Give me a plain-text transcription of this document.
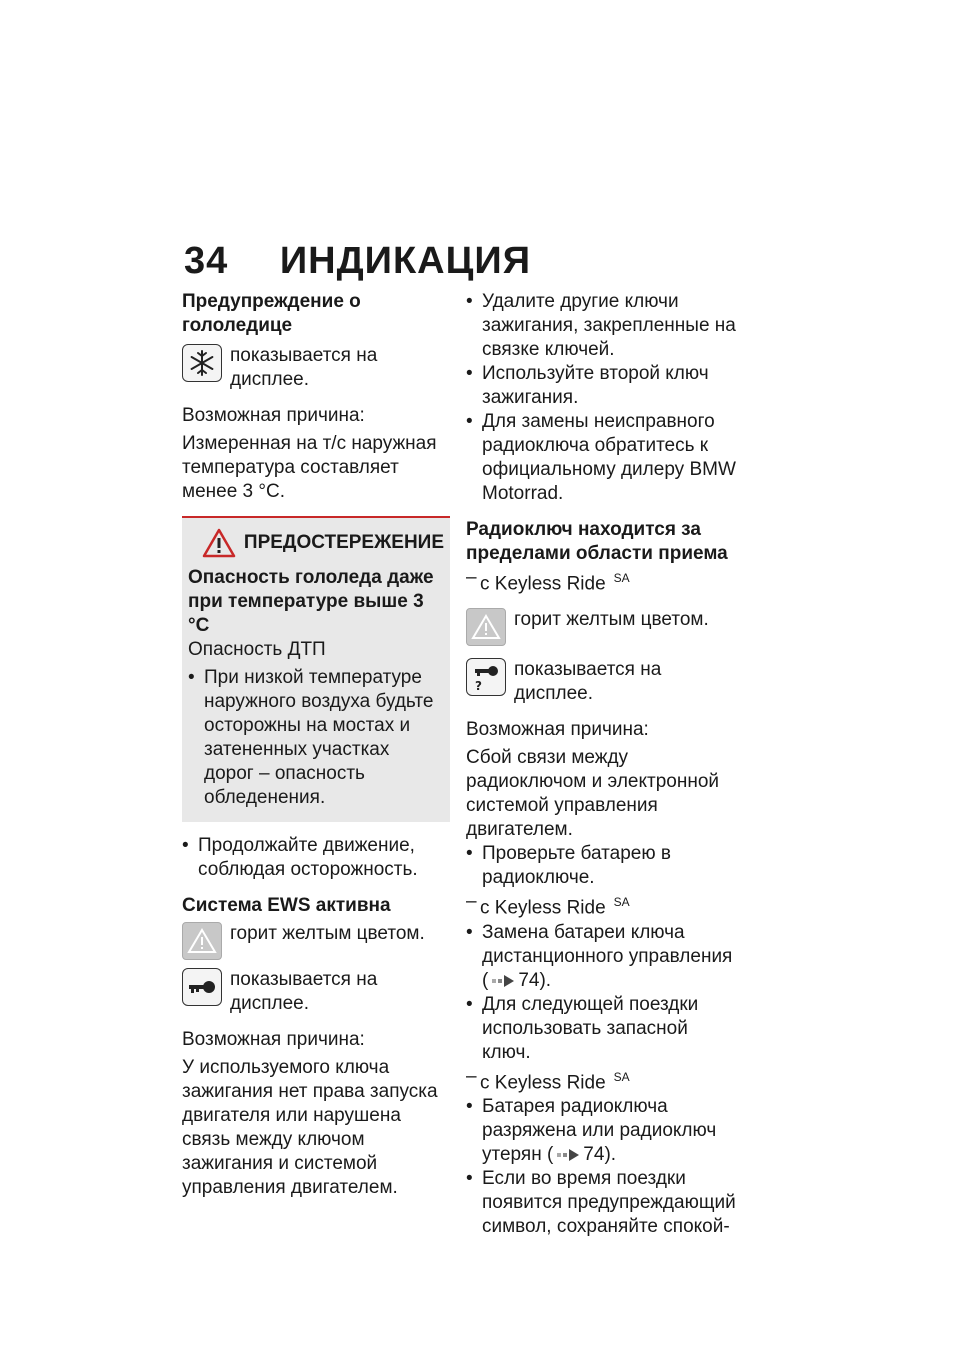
34 ИНДИКАЦИЯ
Предупреждение о гололедице

показывается на дисплее.

Возможная причина:

Измеренная на т/с наружная температура составляет менее 3 °C.

ПРЕДОСТЕРЕЖЕНИЕ
Опасность гололеда даже при температуре выше 3 °C

Опасность ДТП

• При низкой температуре наружного воздуха будьте осторожны на мостах и затененных участках дорог – опасность обледенения.
• Продолжайте движение, соблюдая осторожность.
Система EWS активна

горит желтым цветом.

показывается на дисплее.

Возможная причина:

У используемого ключа зажигания нет права запуска двигателя или нарушена связь между ключом зажигания и системой управления двигателем.

• Удалите другие ключи зажигания, закрепленные на связке ключей.
• Используйте второй ключ зажигания.
• Для замены неисправного радиоключа обратитесь к официальному дилеру BMW Motorrad.
Радиоключ находится за пределами области приема
– с Keyless Ride $^{SA}$

горит желтым цветом.

?

показывается на дисплее.

Возможная причина:

Сбой связи между радиоключом и электронной системой управления двигателем.

• Проверьте батарею в радиоключе.
– с Keyless Ride $^{SA}$
• Замена батареи ключа дистанционного управления ( 74).
• Для следующей поездки использовать запасной ключ.
– с Keyless Ride $^{SA}$
• Батарея радиоключа разряжена или радиоключ утерян ( 74).
• Если во время поездки появится предупреждающий символ, сохраняйте спокой-
